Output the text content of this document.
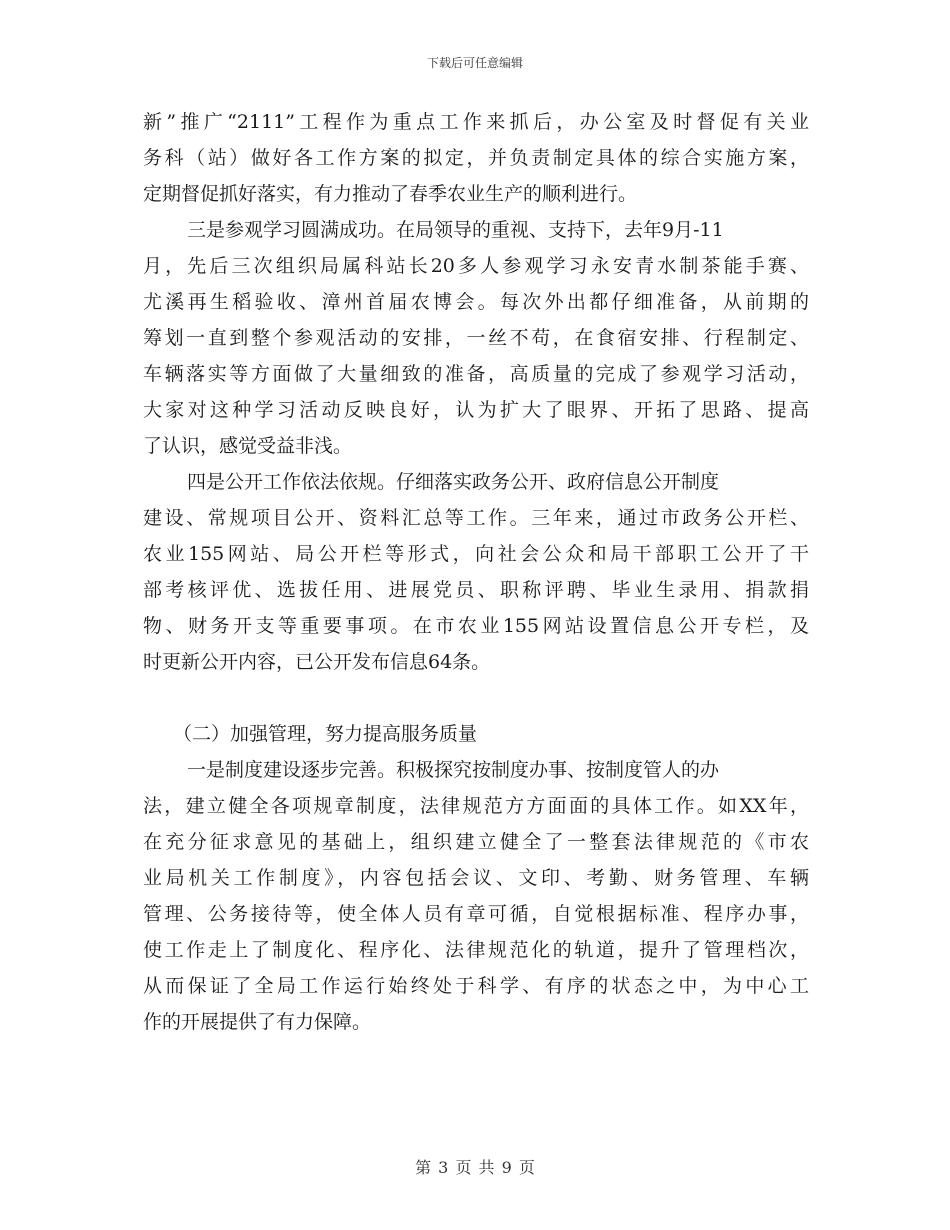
下载后可任意编辑
新”推广“2111”工程作为重点工作来抓后，办公室及时督促有关业
务科（站）做好各工作方案的拟定，并负责制定具体的综合实施方案，
定期督促抓好落实，有力推动了春季农业生产的顺利进行。
三是参观学习圆满成功。在局领导的重视、支持下，去年9月-11
月，先后三次组织局属科站长20多人参观学习永安青水制茶能手赛、
尤溪再生稻验收、漳州首届农博会。每次外出都仔细准备，从前期的
筹划一直到整个参观活动的安排，一丝不苟，在食宿安排、行程制定、
车辆落实等方面做了大量细致的准备，高质量的完成了参观学习活动，
大家对这种学习活动反映良好，认为扩大了眼界、开拓了思路、提高
了认识，感觉受益非浅。
四是公开工作依法依规。仔细落实政务公开、政府信息公开制度
建设、常规项目公开、资料汇总等工作。三年来，通过市政务公开栏、
农业155网站、局公开栏等形式，向社会公众和局干部职工公开了干
部考核评优、选拔任用、进展党员、职称评聘、毕业生录用、捐款捐
物、财务开支等重要事项。在市农业155网站设置信息公开专栏，及
时更新公开内容，已公开发布信息64条。
（二）加强管理，努力提高服务质量
一是制度建设逐步完善。积极探究按制度办事、按制度管人的办
法，建立健全各项规章制度，法律规范方方面面的具体工作。如XX年，
在充分征求意见的基础上，组织建立健全了一整套法律规范的《市农
业局机关工作制度》，内容包括会议、文印、考勤、财务管理、车辆
管理、公务接待等，使全体人员有章可循，自觉根据标准、程序办事，
使工作走上了制度化、程序化、法律规范化的轨道，提升了管理档次，
从而保证了全局工作运行始终处于科学、有序的状态之中，为中心工
作的开展提供了有力保障。
第 3 页 共 9 页
